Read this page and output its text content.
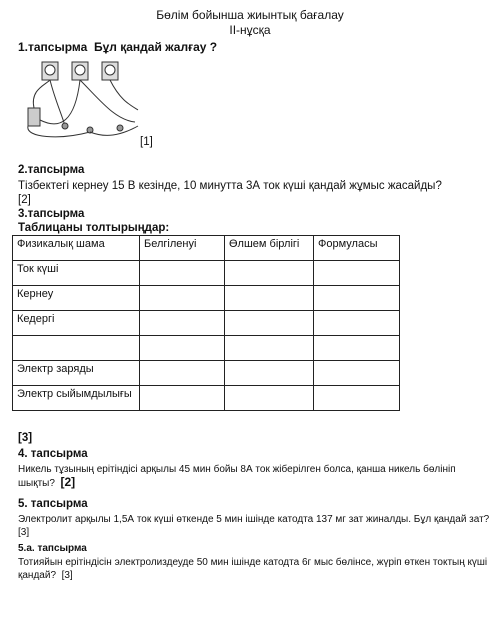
Бөлім бойынша жиынтық бағалау
ІІ-нұсқа
1.тапсырма Бұл қандай жалғау ?
[1]
2.тапсырма
Тізбектегі кернеу 15 В кезінде, 10 минутта 3А ток күші қандай жұмыс жасайды?
[2]
3.тапсырма
Таблицаны толтырыңдар:
Физикалық шама	Белгіленуі	Өлшем бірлігі	Формуласы
Ток күші			
Кернеу			
Кедергі			

Электр заряды			
Электр сыйымдылығы			
[3]
4. тапсырма
Никель тұзының ерітіндісі арқылы 45 мин бойы 8А ток жіберілген болса, қанша никель бөлініп шықты? [2]
5. тапсырма
Электролит арқылы 1,5А ток күші өткенде 5 мин ішінде катодта 137 мг зат жиналды. Бұл қандай зат?  [3]
5.а. тапсырма
Тотияйын ерітіндісін электролиздеуде 50 мин ішінде катодта 6г мыс бөлінсе, жүріп өткен токтың күші қандай? [3]
